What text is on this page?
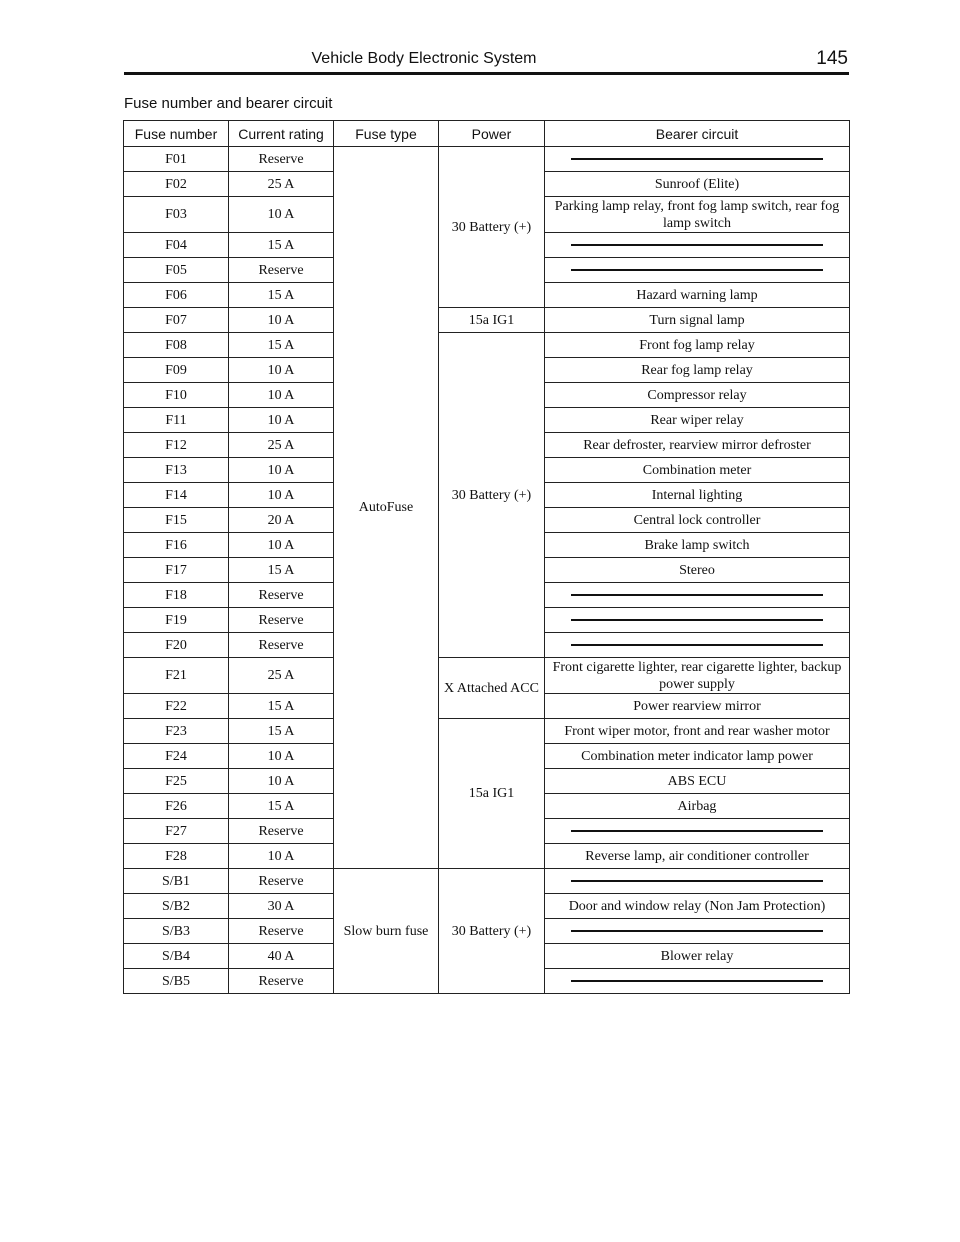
Vehicle Body Electronic System	145
Fuse number and bearer circuit
Fuse number	Current rating	Fuse type	Power	Bearer circuit
F01	Reserve	AutoFuse	30 Battery (+)	

F02	25 A			Sunroof (Elite)
F03	10 A			Parking lamp relay, front fog lamp switch, rear fog lamp switch
F04	15 A			

F05	Reserve			

F06	15 A			Hazard warning lamp
F07	10 A		15a IG1	Turn signal lamp
F08	15 A		30 Battery (+)	Front fog lamp relay
F09	10 A			Rear fog lamp relay
F10	10 A			Compressor relay
F11	10 A			Rear wiper relay
F12	25 A			Rear defroster, rearview mirror defroster
F13	10 A			Combination meter
F14	10 A			Internal lighting
F15	20 A			Central lock controller
F16	10 A			Brake lamp switch
F17	15 A			Stereo
F18	Reserve			

F19	Reserve			

F20	Reserve			

F21	25 A		X Attached ACC	Front cigarette lighter, rear cigarette lighter, backup power supply
F22	15 A			Power rearview mirror
F23	15 A		15a IG1	Front wiper motor, front and rear washer motor
F24	10 A			Combination meter indicator lamp power
F25	10 A			ABS ECU
F26	15 A			Airbag
F27	Reserve			

F28	10 A			Reverse lamp, air conditioner controller
S/B1	Reserve	Slow burn fuse	30 Battery (+)	

S/B2	30 A			Door and window relay (Non Jam Protection)
S/B3	Reserve			

S/B4	40 A			Blower relay
S/B5	Reserve			
